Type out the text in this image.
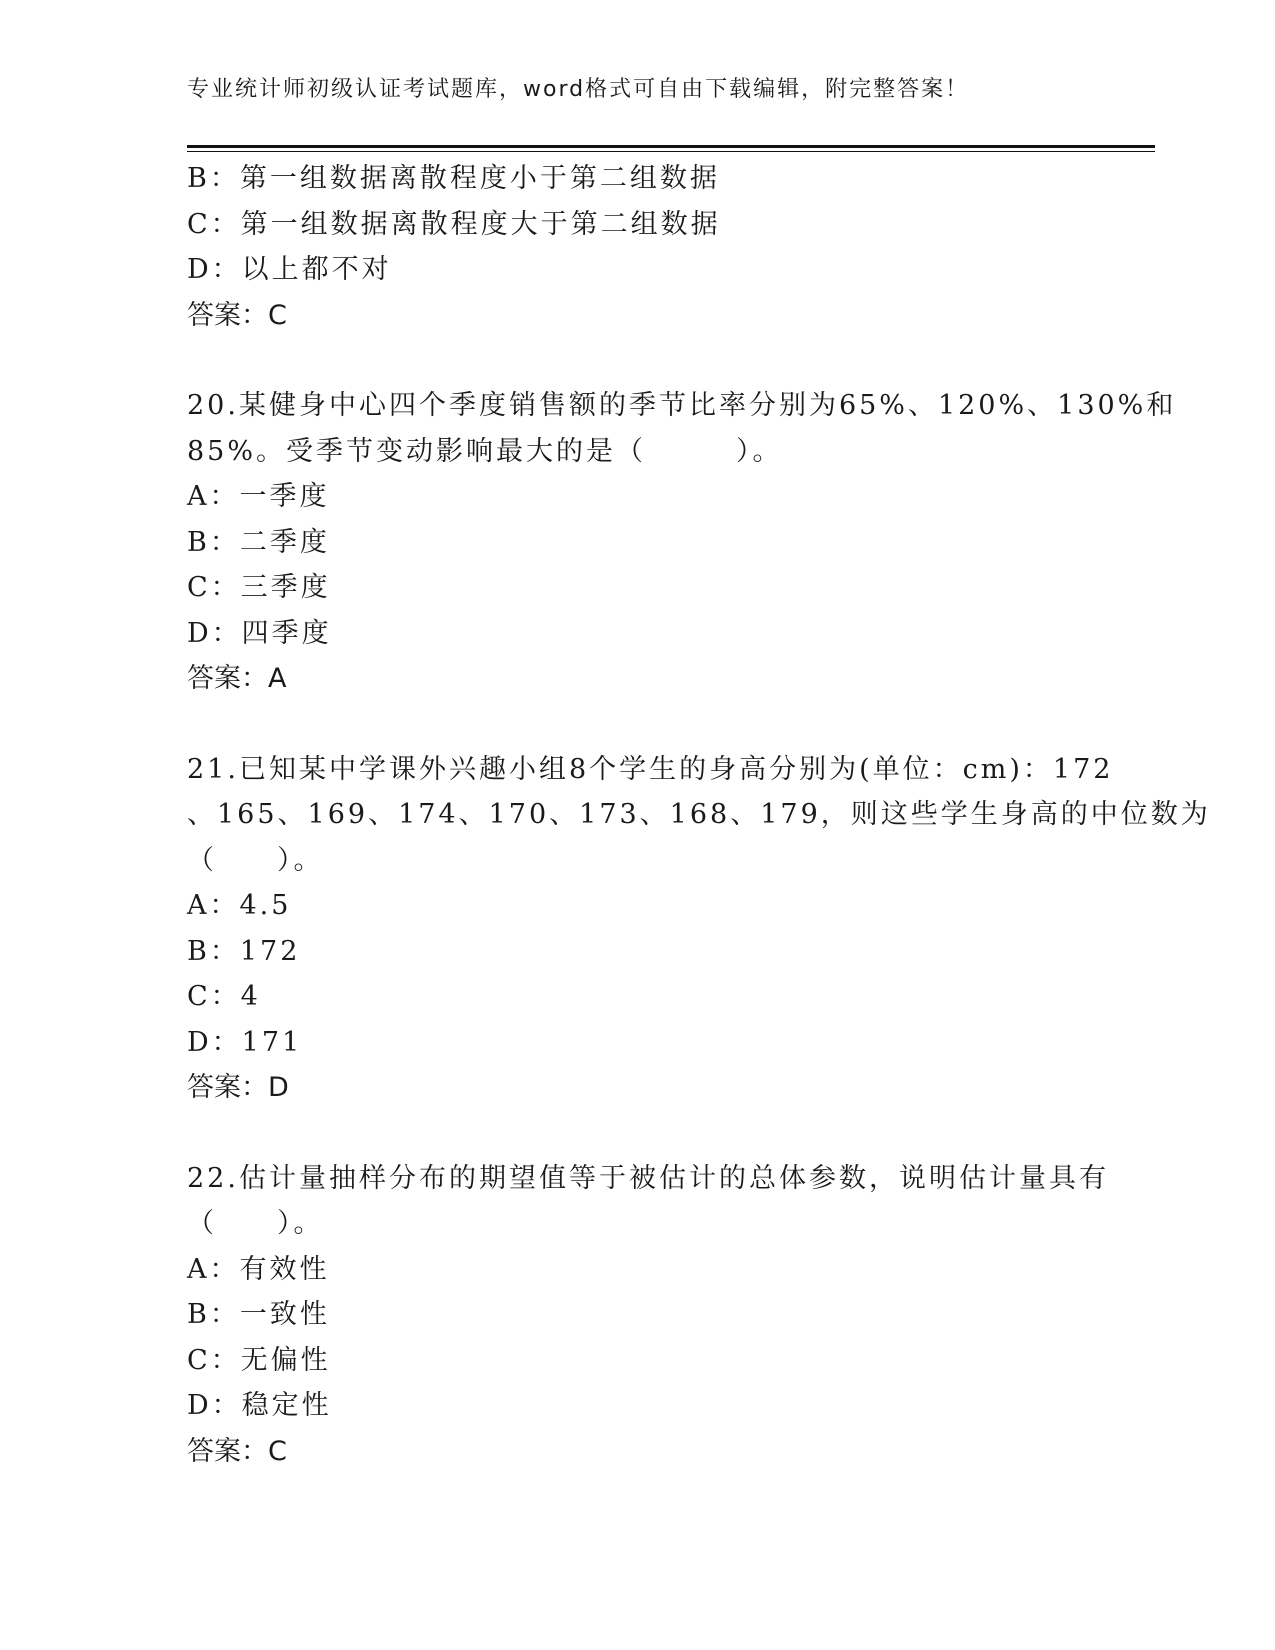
专业统计师初级认证考试题库，word格式可自由下载编辑，附完整答案！
B：第一组数据离散程度小于第二组数据
C：第一组数据离散程度大于第二组数据
D：以上都不对
答案：C
20.某健身中心四个季度销售额的季节比率分别为65%、120%、130%和
85%。受季节变动影响最大的是（　　　）。
A：一季度
B：二季度
C：三季度
D：四季度
答案：A
21.已知某中学课外兴趣小组8个学生的身高分别为(单位：cm)：172
、165、169、174、170、173、168、179，则这些学生身高的中位数为
（　　）。
A：4.5
B：172
C：4
D：171
答案：D
22.估计量抽样分布的期望值等于被估计的总体参数，说明估计量具有
（　　）。
A：有效性
B：一致性
C：无偏性
D：稳定性
答案：C
